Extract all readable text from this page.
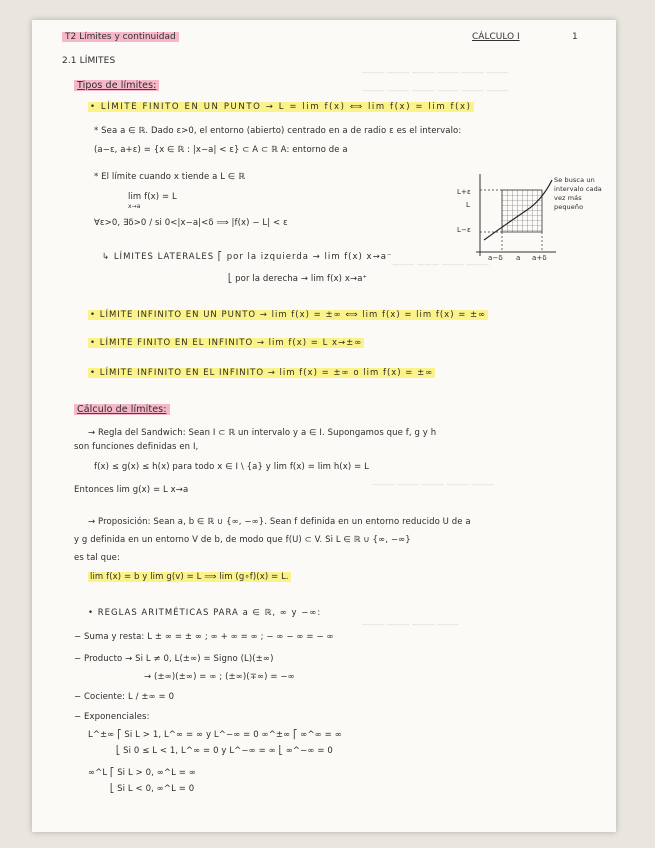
T2 Límites y continuidad	CÁLCULO I	1
——— ——— ——— ——— ——— ———
——— ——— ——— ——— ——— ———
——— ——— ——— ———
——— ——— ——— ——— ———
——— ——— ——— ———
2.1 LÍMITES
Tipos de límites:
• LÍMITE FINITO EN UN PUNTO → L = lim f(x) ⟺ lim f(x) = lim f(x)
* Sea a ∈ ℝ. Dado ε>0, el entorno (abierto) centrado en a de radio ε es el intervalo:
(a−ε, a+ε) = {x ∈ ℝ : |x−a| < ε} ⊂ A ⊂ ℝ A: entorno de a
* El límite cuando x tiende a L ∈ ℝ
lim f(x) = L
x→a
∀ε>0, ∃δ>0 / si 0<|x−a|<δ ⟹ |f(x) − L| < ε
↳ LÍMITES LATERALES ⎡ por la izquierda → lim f(x) x→a⁻
⎣ por la derecha → lim f(x) x→a⁺
L+ε
L
L−ε
a−δ a a+δ
Se busca un intervalo cada vez más pequeño
• LÍMITE INFINITO EN UN PUNTO → lim f(x) = ±∞ ⟺ lim f(x) = lim f(x) = ±∞
• LÍMITE FINITO EN EL INFINITO → lim f(x) = L x→±∞
• LÍMITE INFINITO EN EL INFINITO → lim f(x) = ±∞ o lim f(x) = ±∞
Cálculo de límites:
→ Regla del Sandwich: Sean I ⊂ ℝ un intervalo y a ∈ I. Supongamos que f, g y h
son funciones definidas en I,
f(x) ≤ g(x) ≤ h(x) para todo x ∈ I \ {a} y lim f(x) = lim h(x) = L
Entonces lim g(x) = L x→a
→ Proposición: Sean a, b ∈ ℝ ∪ {∞, −∞}. Sean f definida en un entorno reducido U de a
y g definida en un entorno V de b, de modo que f(U) ⊂ V. Si L ∈ ℝ ∪ {∞, −∞}
es tal que:
lim f(x) = b y lim g(v) = L ⟹ lim (g∘f)(x) = L.
• REGLAS ARITMÉTICAS PARA a ∈ ℝ, ∞ y −∞:
− Suma y resta: L ± ∞ = ± ∞ ; ∞ + ∞ = ∞ ; − ∞ − ∞ = − ∞
− Producto → Si L ≠ 0, L(±∞) = Signo (L)(±∞)
→ (±∞)(±∞) = ∞ ; (±∞)(∓∞) = −∞
− Cociente: L / ±∞ = 0
− Exponenciales:
L^±∞ ⎡ Si L > 1, L^∞ = ∞ y L^−∞ = 0 ∞^±∞ ⎡ ∞^∞ = ∞
⎣ Si 0 ≤ L < 1, L^∞ = 0 y L^−∞ = ∞ ⎣ ∞^−∞ = 0
∞^L ⎡ Si L > 0, ∞^L = ∞
⎣ Si L < 0, ∞^L = 0
